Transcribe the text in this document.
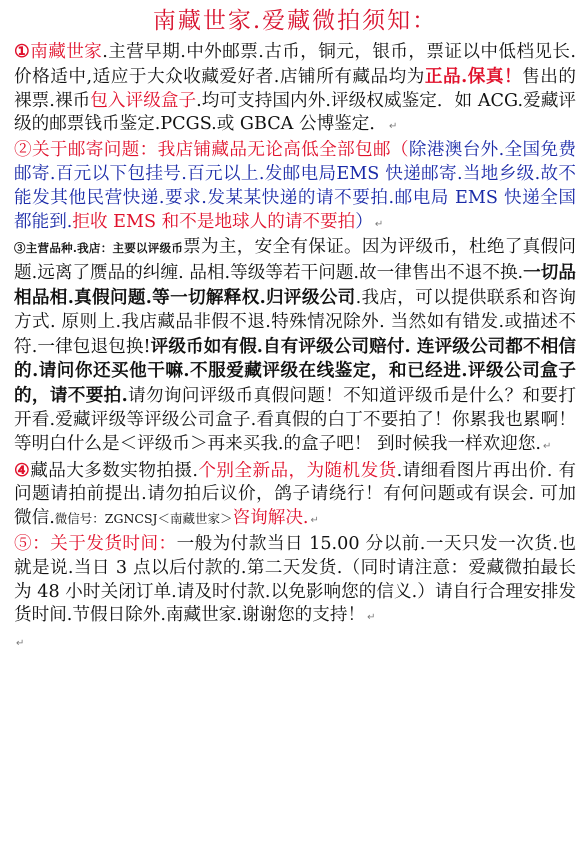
南藏世家.爱藏微拍须知：

①南藏世家.主营早期.中外邮票.古币，铜元，银币，票证以中低档见长.价格适中,适应于大众收藏爱好者.店铺所有藏品均为正品.保真！售出的裸票.裸币包入评级盒子.均可支持国内外.评级权威鉴定．如 ACG.爱藏评级的邮票钱币鉴定.PCGS.或 GBCA 公博鉴定． ↵

②关于邮寄问题：我店铺藏品无论高低全部包邮（除港澳台外.全国免费邮寄.百元以下包挂号.百元以上.发邮电局EMS 快递邮寄.当地乡级.故不能发其他民营快递.要求.发某某快递的请不要拍.邮电局 EMS 快递全国都能到.拒收 EMS 和不是地球人的请不要拍） ↵

③主营品种.我店：主要以评级币票为主，安全有保证。因为评级币，杜绝了真假问题.远离了赝品的纠缠. 品相.等级等若干问题.故一律售出不退不换.一切品相品相.真假问题.等一切解释权.归评级公司.我店，可以提供联系和咨询方式. 原则上.我店藏品非假不退.特殊情况除外. 当然如有错发.或描述不符.一律包退包换!评级币如有假.自有评级公司赔付. 连评级公司都不相信的.请问你还买他干嘛.不服爱藏评级在线鉴定，和已经进.评级公司盒子的，请不要拍.请勿询问评级币真假问题！不知道评级币是什么？和要打开看.爱藏评级等评级公司盒子.看真假的白丁不要拍了！你累我也累啊！等明白什么是＜评级币＞再来买我.的盒子吧！ 到时候我一样欢迎您. ↵

④藏品大多数实物拍摄.个别全新品，为随机发货.请细看图片再出价. 有问题请拍前提出.请勿拍后议价，鸽子请绕行！有何问题或有误会. 可加微信.微信号：ZGNCSJ＜南藏世家＞咨询解决. ↵

⑤：关于发货时间：一般为付款当日 15.00 分以前.一天只发一次货.也就是说.当日 3 点以后付款的.第二天发货.（同时请注意：爱藏微拍最长为 48 小时关闭订单.请及时付款.以免影响您的信义.）请自行合理安排发货时间.节假日除外.南藏世家.谢谢您的支持！ ↵

↵
